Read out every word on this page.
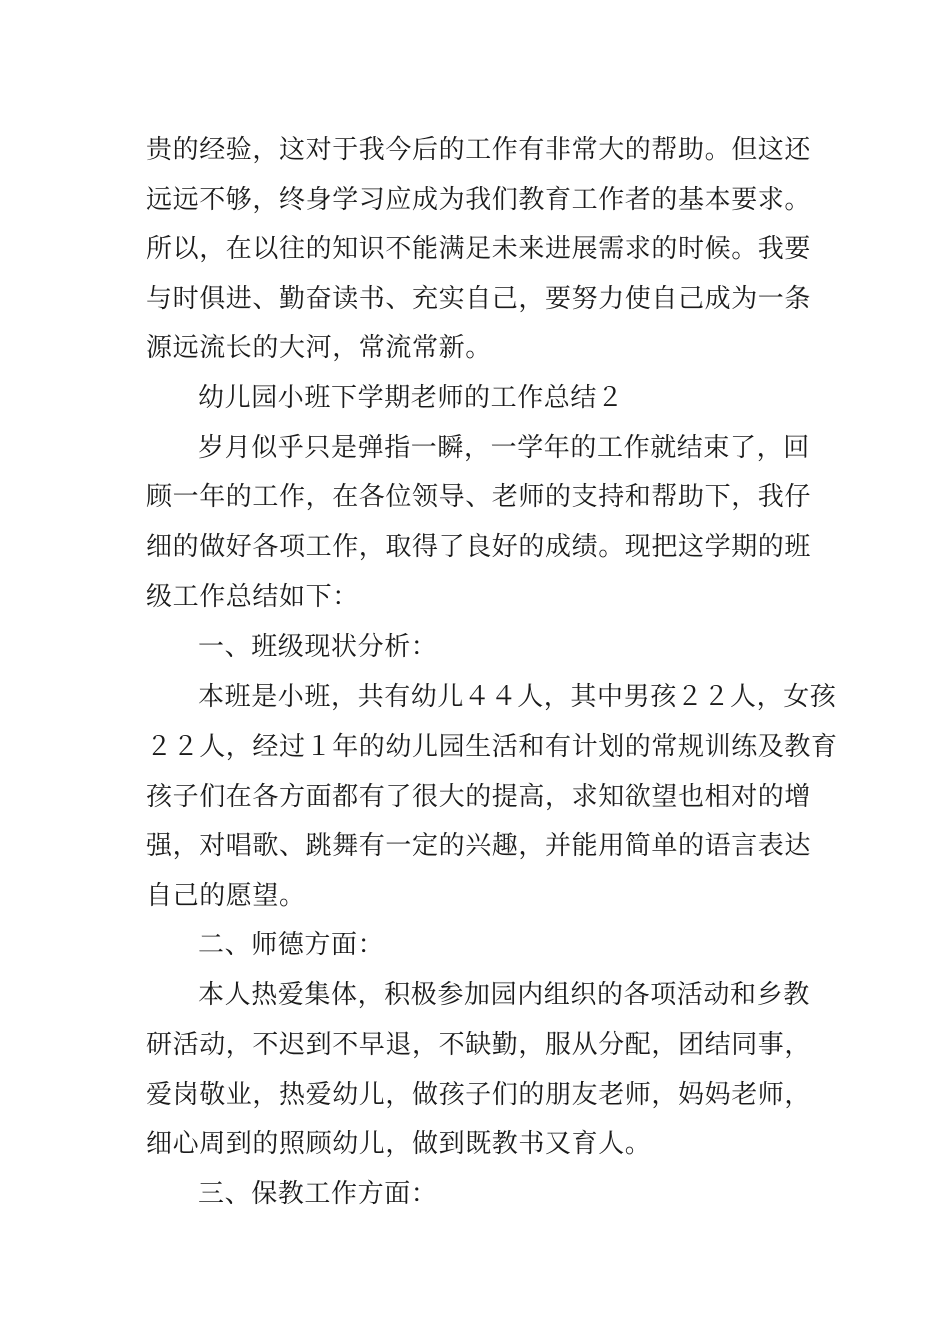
贵的经验，这对于我今后的工作有非常大的帮助。但这还
远远不够，终身学习应成为我们教育工作者的基本要求。
所以，在以往的知识不能满足未来进展需求的时候。我要
与时俱进、勤奋读书、充实自己，要努力使自己成为一条
源远流长的大河，常流常新。
幼儿园小班下学期老师的工作总结２
岁月似乎只是弹指一瞬，一学年的工作就结束了，回
顾一年的工作，在各位领导、老师的支持和帮助下，我仔
细的做好各项工作，取得了良好的成绩。现把这学期的班
级工作总结如下：
一、班级现状分析：
本班是小班，共有幼儿４４人，其中男孩２２人，女孩
２２人，经过１年的幼儿园生活和有计划的常规训练及教育
孩子们在各方面都有了很大的提高，求知欲望也相对的增
强，对唱歌、跳舞有一定的兴趣，并能用简单的语言表达
自己的愿望。
二、师德方面：
本人热爱集体，积极参加园内组织的各项活动和乡教
研活动，不迟到不早退，不缺勤，服从分配，团结同事，
爱岗敬业，热爱幼儿，做孩子们的朋友老师，妈妈老师，
细心周到的照顾幼儿，做到既教书又育人。
三、保教工作方面：
